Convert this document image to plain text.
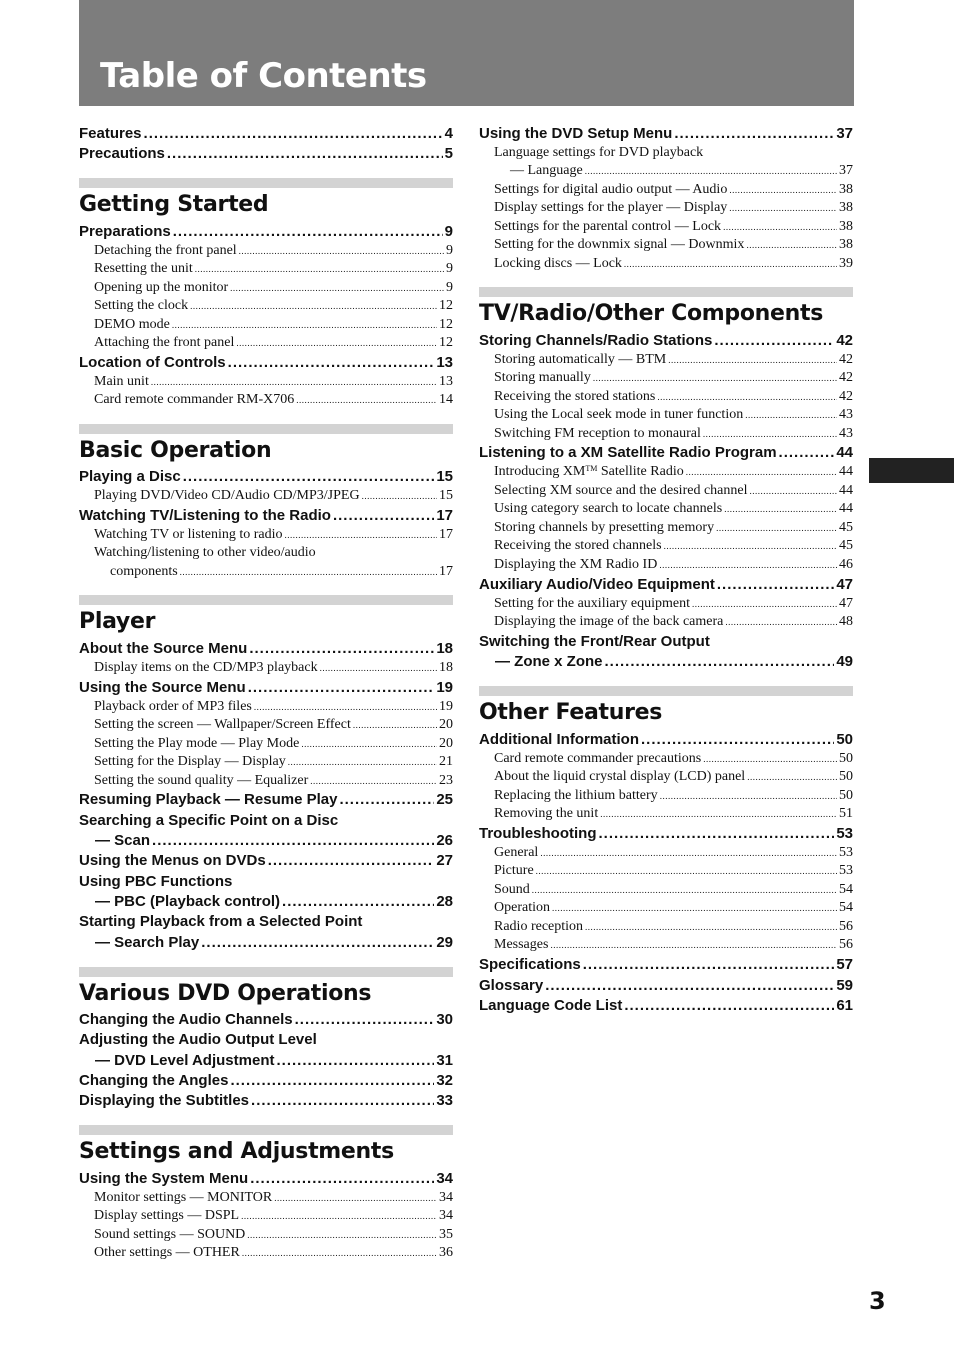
Table of Contents
Features .....	4
Precautions .....	5
Getting Started
Preparations .....	9
Detaching the front panel .....	9
Resetting the unit .....	9
Opening up the monitor .....	9
Setting the clock .....	12
DEMO mode .....	12
Attaching the front panel .....	12
Location of Controls .....	13
Main unit .....	13
Card remote commander RM-X706 .....	14
Basic Operation
Playing a Disc .....	15
Playing DVD/Video CD/Audio CD/MP3/JPEG .....	15
Watching TV/Listening to the Radio .....	17
Watching TV or listening to radio .....	17
Watching/listening to other video/audio
components .....	17
Player
About the Source Menu .....	18
Display items on the CD/MP3 playback .....	18
Using the Source Menu .....	19
Playback order of MP3 files .....	19
Setting the screen — Wallpaper/Screen Effect .....	20
Setting the Play mode — Play Mode .....	20
Setting for the Display — Display .....	21
Setting the sound quality — Equalizer .....	23
Resuming Playback — Resume Play .....	25
Searching a Specific Point on a Disc
— Scan .....	26
Using the Menus on DVDs .....	27
Using PBC Functions
— PBC (Playback control) .....	28
Starting Playback from a Selected Point
— Search Play .....	29
Various DVD Operations
Changing the Audio Channels .....	30
Adjusting the Audio Output Level
— DVD Level Adjustment .....	31
Changing the Angles .....	32
Displaying the Subtitles .....	33
Settings and Adjustments
Using the System Menu .....	34
Monitor settings — MONITOR .....	34
Display settings — DSPL .....	34
Sound settings — SOUND .....	35
Other settings — OTHER .....	36
Using the DVD Setup Menu .....	37
Language settings for DVD playback
— Language .....	37
Settings for digital audio output — Audio .....	38
Display settings for the player — Display .....	38
Settings for the parental control — Lock .....	38
Setting for the downmix signal — Downmix .....	38
Locking discs — Lock .....	39
TV/Radio/Other Components
Storing Channels/Radio Stations .....	42
Storing automatically — BTM .....	42
Storing manually .....	42
Receiving the stored stations .....	42
Using the Local seek mode in tuner function .....	43
Switching FM reception to monaural .....	43
Listening to a XM Satellite Radio Program .....	44
Introducing XM™ Satellite Radio .....	44
Selecting XM source and the desired channel .....	44
Using category search to locate channels .....	44
Storing channels by presetting memory .....	45
Receiving the stored channels .....	45
Displaying the XM Radio ID .....	46
Auxiliary Audio/Video Equipment .....	47
Setting for the auxiliary equipment .....	47
Displaying the image of the back camera .....	48
Switching the Front/Rear Output
— Zone x Zone .....	49
Other Features
Additional Information .....	50
Card remote commander precautions .....	50
About the liquid crystal display (LCD) panel .....	50
Replacing the lithium battery .....	50
Removing the unit .....	51
Troubleshooting .....	53
General .....	53
Picture .....	53
Sound .....	54
Operation .....	54
Radio reception .....	56
Messages .....	56
Specifications .....	57
Glossary .....	59
Language Code List .....	61
3
